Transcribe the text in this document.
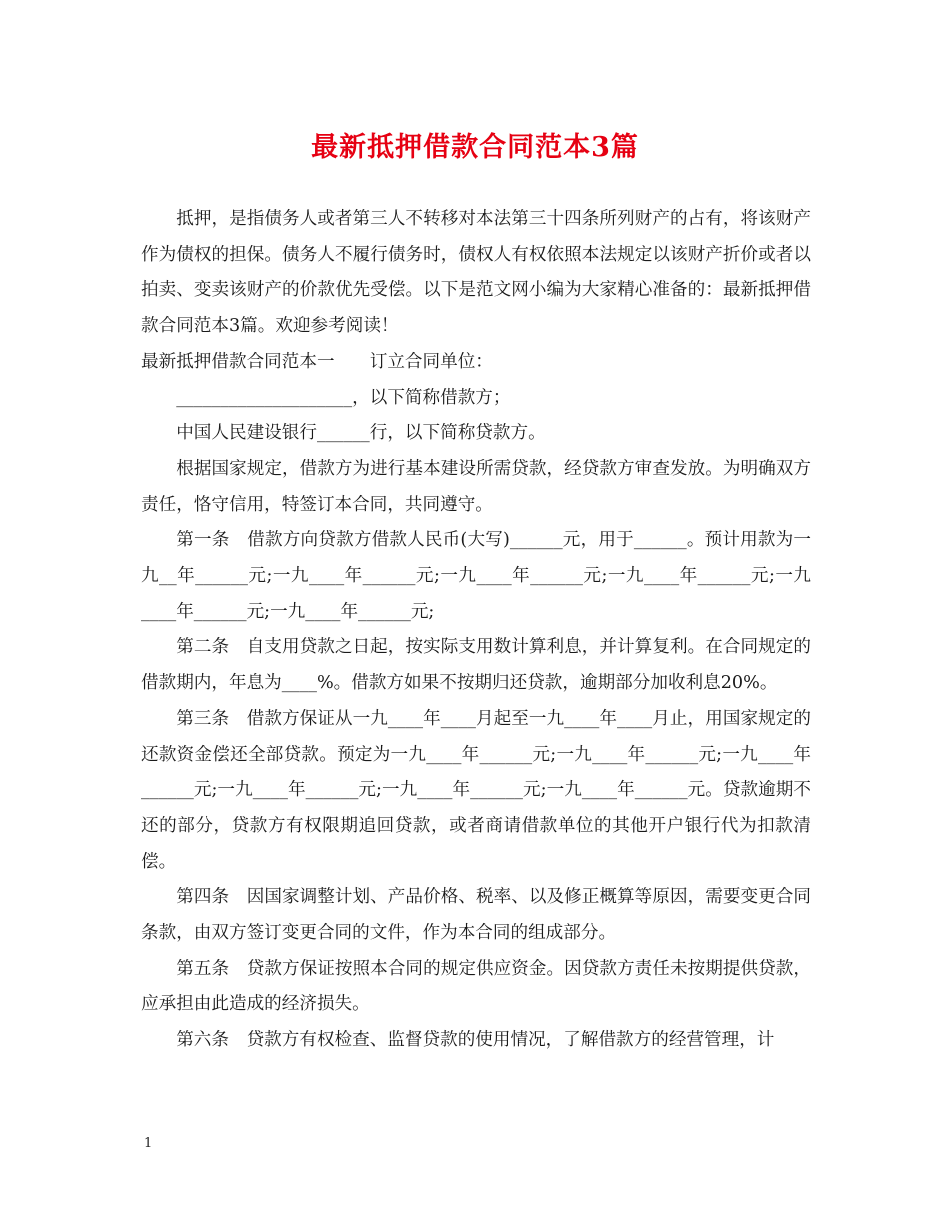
最新抵押借款合同范本3篇

抵押，是指债务人或者第三人不转移对本法第三十四条所列财产的占有，将该财产作为债权的担保。债务人不履行债务时，债权人有权依照本法规定以该财产折价或者以拍卖、变卖该财产的价款优先受偿。以下是范文网小编为大家精心准备的：最新抵押借款合同范本3篇。欢迎参考阅读！

最新抵押借款合同范本一　　订立合同单位：

____________________，以下简称借款方；

中国人民建设银行______行，以下简称贷款方。

根据国家规定，借款方为进行基本建设所需贷款，经贷款方审查发放。为明确双方责任，恪守信用，特签订本合同，共同遵守。

第一条　借款方向贷款方借款人民币(大写)______元，用于______。预计用款为一九__年______元;一九____年______元;一九____年______元;一九____年______元;一九____年______元;一九____年______元;

第二条　自支用贷款之日起，按实际支用数计算利息，并计算复利。在合同规定的借款期内，年息为____%。借款方如果不按期归还贷款，逾期部分加收利息20%。

第三条　借款方保证从一九____年____月起至一九____年____月止，用国家规定的还款资金偿还全部贷款。预定为一九____年______元;一九____年______元;一九____年______元;一九____年______元;一九____年______元;一九____年______元。贷款逾期不还的部分，贷款方有权限期追回贷款，或者商请借款单位的其他开户银行代为扣款清偿。

第四条　因国家调整计划、产品价格、税率、以及修正概算等原因，需要变更合同条款，由双方签订变更合同的文件，作为本合同的组成部分。

第五条　贷款方保证按照本合同的规定供应资金。因贷款方责任未按期提供贷款，应承担由此造成的经济损失。

第六条　贷款方有权检查、监督贷款的使用情况，了解借款方的经营管理，计

1
